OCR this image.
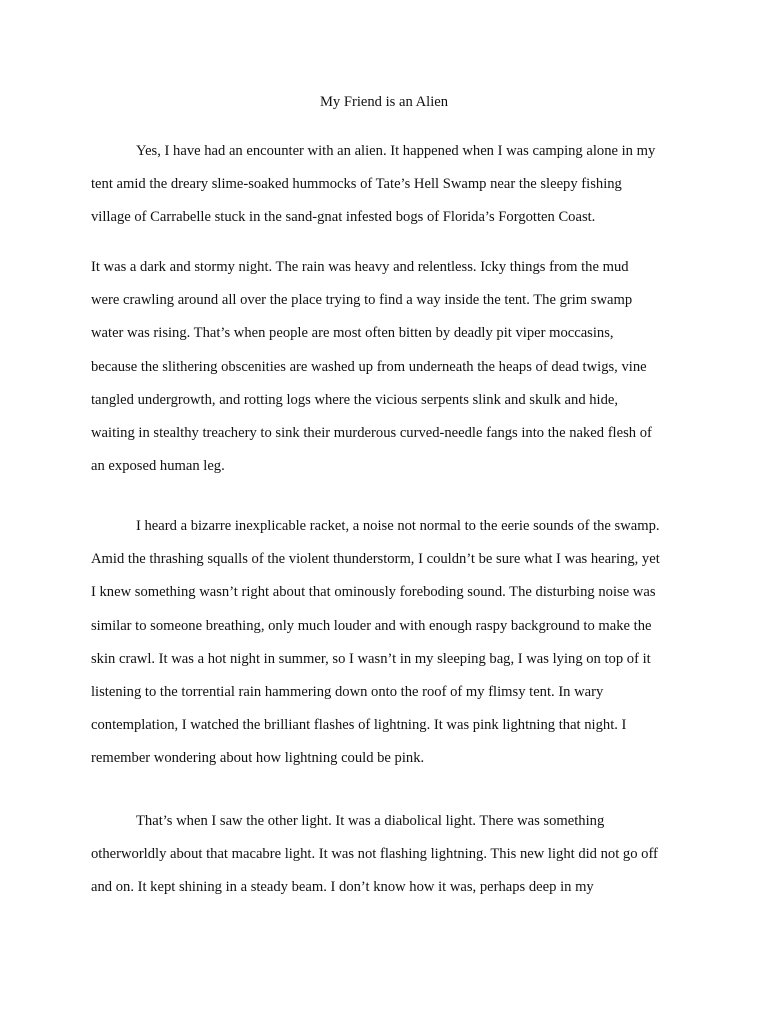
My Friend is an Alien

Yes, I have had an encounter with an alien. It happened when I was camping alone in my
tent amid the dreary slime-soaked hummocks of Tate’s Hell Swamp near the sleepy fishing
village of Carrabelle stuck in the sand-gnat infested bogs of Florida’s Forgotten Coast.

It was a dark and stormy night. The rain was heavy and relentless. Icky things from the mud
were crawling around all over the place trying to find a way inside the tent. The grim swamp
water was rising. That’s when people are most often bitten by deadly pit viper moccasins,
because the slithering obscenities are washed up from underneath the heaps of dead twigs, vine
tangled undergrowth, and rotting logs where the vicious serpents slink and skulk and hide,
waiting in stealthy treachery to sink their murderous curved-needle fangs into the naked flesh of
an exposed human leg.

I heard a bizarre inexplicable racket, a noise not normal to the eerie sounds of the swamp.
Amid the thrashing squalls of the violent thunderstorm, I couldn’t be sure what I was hearing, yet
I knew something wasn’t right about that ominously foreboding sound. The disturbing noise was
similar to someone breathing, only much louder and with enough raspy background to make the
skin crawl. It was a hot night in summer, so I wasn’t in my sleeping bag, I was lying on top of it
listening to the torrential rain hammering down onto the roof of my flimsy tent. In wary
contemplation, I watched the brilliant flashes of lightning. It was pink lightning that night. I
remember wondering about how lightning could be pink.

That’s when I saw the other light. It was a diabolical light. There was something
otherworldly about that macabre light. It was not flashing lightning. This new light did not go off
and on. It kept shining in a steady beam. I don’t know how it was, perhaps deep in my
